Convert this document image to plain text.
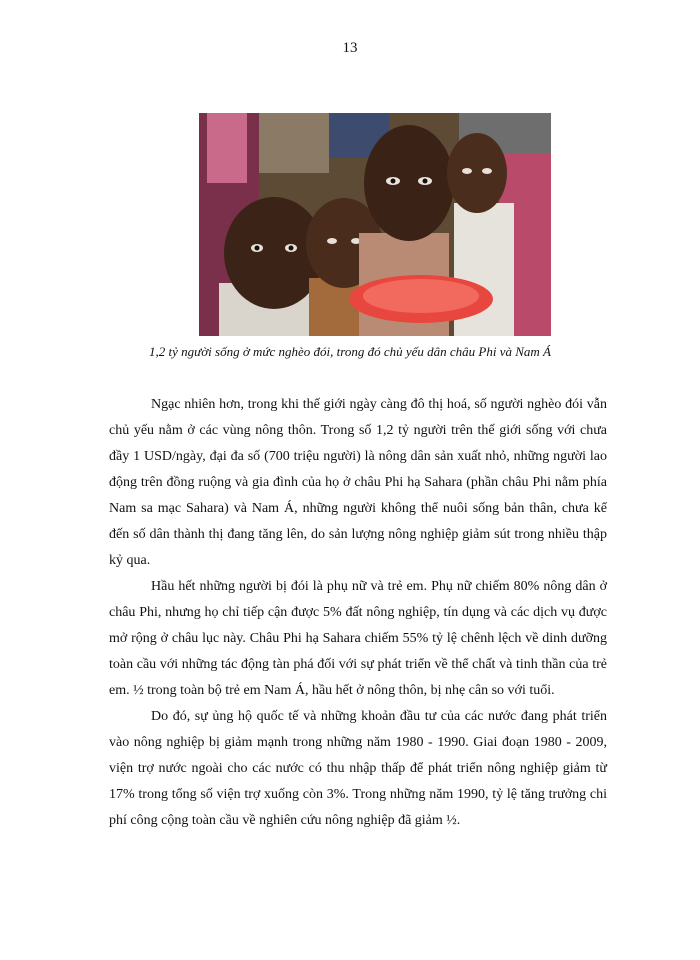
13
1,2 tỷ người sống ở mức nghèo đói, trong đó chủ yếu dân châu Phi và Nam Á

Ngạc nhiên hơn, trong khi thế giới ngày càng đô thị hoá, số người nghèo đói vẫn chủ yếu nằm ở các vùng nông thôn. Trong số 1,2 tỷ người trên thế giới sống với chưa đầy 1 USD/ngày, đại đa số (700 triệu người) là nông dân sản xuất nhỏ, những người lao động trên đồng ruộng và gia đình của họ ở châu Phi hạ Sahara (phần châu Phi nằm phía Nam sa mạc Sahara) và Nam Á, những người không thể nuôi sống bản thân, chưa kể đến số dân thành thị đang tăng lên, do sản lượng nông nghiệp giảm sút trong nhiều thập kỷ qua.

Hầu hết những người bị đói là phụ nữ và trẻ em. Phụ nữ chiếm 80% nông dân ở châu Phi, nhưng họ chỉ tiếp cận được 5% đất nông nghiệp, tín dụng và các dịch vụ được mở rộng ở châu lục này. Châu Phi hạ Sahara chiếm 55% tỷ lệ chênh lệch về dinh dưỡng toàn cầu với những tác động tàn phá đối với sự phát triển về thể chất và tinh thần của trẻ em. ½ trong toàn bộ trẻ em Nam Á, hầu hết ở nông thôn, bị nhẹ cân so với tuổi.

Do đó, sự ủng hộ quốc tế và những khoản đầu tư của các nước đang phát triển vào nông nghiệp bị giảm mạnh trong những năm 1980 - 1990. Giai đoạn 1980 - 2009, viện trợ nước ngoài cho các nước có thu nhập thấp để phát triển nông nghiệp giảm từ 17% trong tổng số viện trợ xuống còn 3%. Trong những năm 1990, tỷ lệ tăng trưởng chi phí công cộng toàn cầu về nghiên cứu nông nghiệp đã giảm ½.
